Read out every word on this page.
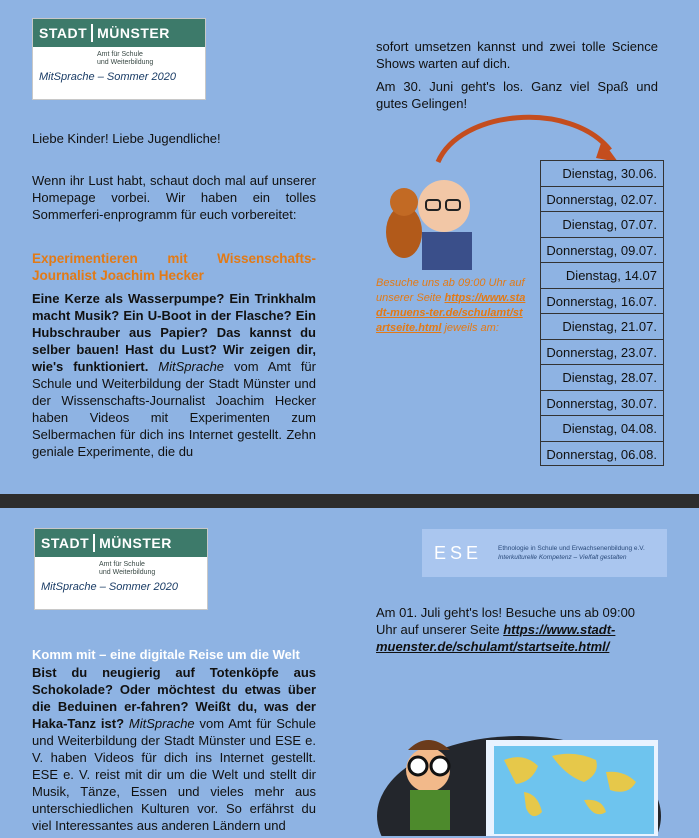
STADT MÜNSTER
Amt für Schule
und Weiterbildung
MitSprache – Sommer 2020
Liebe Kinder! Liebe Jugendliche!
Wenn ihr Lust habt, schaut doch mal auf unserer Homepage vorbei. Wir haben ein tolles Sommerferi-enprogramm für euch vorbereitet:
Experimentieren mit Wissenschafts-Journalist Joachim Hecker
Eine Kerze als Wasserpumpe? Ein Trinkhalm macht Musik? Ein U-Boot in der Flasche? Ein Hubschrauber aus Papier? Das kannst du selber bauen! Hast du Lust? Wir zeigen dir, wie's funktioniert. MitSprache vom Amt für Schule und Weiterbildung der Stadt Münster und der Wissenschafts-Journalist Joachim Hecker haben Videos mit Experimenten zum Selbermachen für dich ins Internet gestellt. Zehn geniale Experimente, die du
sofort umsetzen kannst und zwei tolle Science Shows warten auf dich.
Am 30. Juni geht's los. Ganz viel Spaß und gutes Gelingen!
Besuche uns ab 09:00 Uhr auf unserer Seite https://www.stadt-muens-ter.de/schulamt/startseite.html jeweils am:
Dienstag, 30.06.
Donnerstag, 02.07.
Dienstag, 07.07.
Donnerstag, 09.07.
Dienstag, 14.07
Donnerstag, 16.07.
Dienstag, 21.07.
Donnerstag, 23.07.
Dienstag, 28.07.
Donnerstag, 30.07.
Dienstag, 04.08.
Donnerstag, 06.08.
STADT MÜNSTER
Amt für Schule
und Weiterbildung
MitSprache – Sommer 2020
Komm mit – eine digitale Reise um die Welt
Bist du neugierig auf Totenköpfe aus Schokolade? Oder möchtest du etwas über die Beduinen er-fahren? Weißt du, was der Haka-Tanz ist? MitSprache vom Amt für Schule und Weiterbildung der Stadt Münster und ESE e. V. haben Videos für dich ins Internet gestellt. ESE e. V. reist mit dir um die Welt und stellt dir Musik, Tänze, Essen und vieles mehr aus unterschiedlichen Kulturen vor. So erfährst du viel Interessantes aus anderen Ländern und
Am 01. Juli geht's los! Besuche uns ab 09:00 Uhr auf unserer Seite https://www.stadt-muenster.de/schulamt/startseite.html/
ESE	Ethnologie in Schule und Erwachsenenbildung e.V.
Interkulturelle Kompetenz – Vielfalt gestalten
